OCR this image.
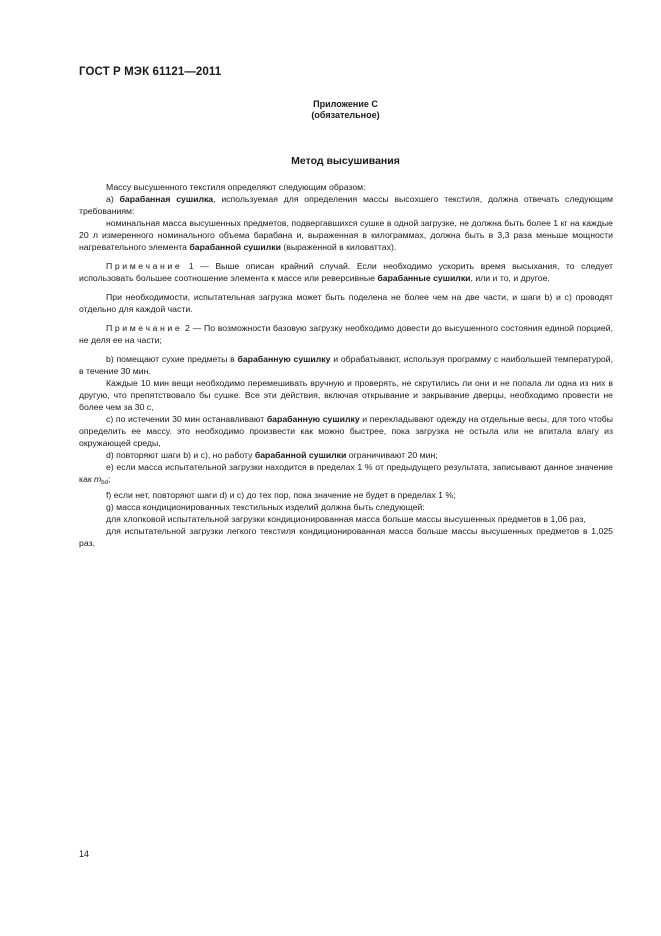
ГОСТ Р МЭК 61121—2011
Приложение С
(обязательное)
Метод высушивания

Массу высушенного текстиля определяют следующим образом:

а) барабанная сушилка, используемая для определения массы высохшего текстиля, должна отвечать следующим требованиям:

номинальная масса высушенных предметов, подвергавшихся сушке в одной загрузке, не должна быть более 1 кг на каждые 20 л измеренного номинального объема барабана и, выраженная в килограммах, должна быть в 3,3 раза меньше мощности нагревательного элемента барабанной сушилки (выраженной в киловаттах).

Примечание 1 — Выше описан крайний случай. Если необходимо ускорить время высыхания, то следует использовать большее соотношение элемента к массе или реверсивные барабанные сушилки, или и то, и другое.

При необходимости, испытательная загрузка может быть поделена не более чем на две части, и шаги b) и с) проводят отдельно для каждой части.

Примечание 2 — По возможности базовую загрузку необходимо довести до высушенного состояния единой порцией, не деля ее на части;

b) помещают сухие предметы в барабанную сушилку и обрабатывают, используя программу с наибольшей температурой, в течение 30 мин.

Каждые 10 мин вещи необходимо перемешивать вручную и проверять, не скрутились ли они и не попала ли одна из них в другую, что препятствовало бы сушке. Все эти действия, включая открывание и закрывание дверцы, необходимо провести не более чем за 30 с,

с) по истечении 30 мин останавливают барабанную сушилку и перекладывают одежду на отдельные весы, для того чтобы определить ее массу. это необходимо произвести как можно быстрее, пока загрузка не остыла или не впитала влагу из окружающей среды,

d) повторяют шаги b) и с), но работу барабанной сушилки ограничивают 20 мин;

е) если масса испытательной загрузки находится в пределах 1 % от предыдущего результата, записывают данное значение как $m_{bd}$;

f) если нет, повторяют шаги d) и с) до тех пор, пока значение не будет в пределах 1 %;

g) масса кондиционированных текстильных изделий должна быть следующей:

для хлопковой испытательной загрузки кондиционированная масса больше массы высушенных предметов в 1,06 раз,

для испытательной загрузки легкого текстиля кондиционированная масса больше массы высушенных предметов в 1,025 раз.

14
